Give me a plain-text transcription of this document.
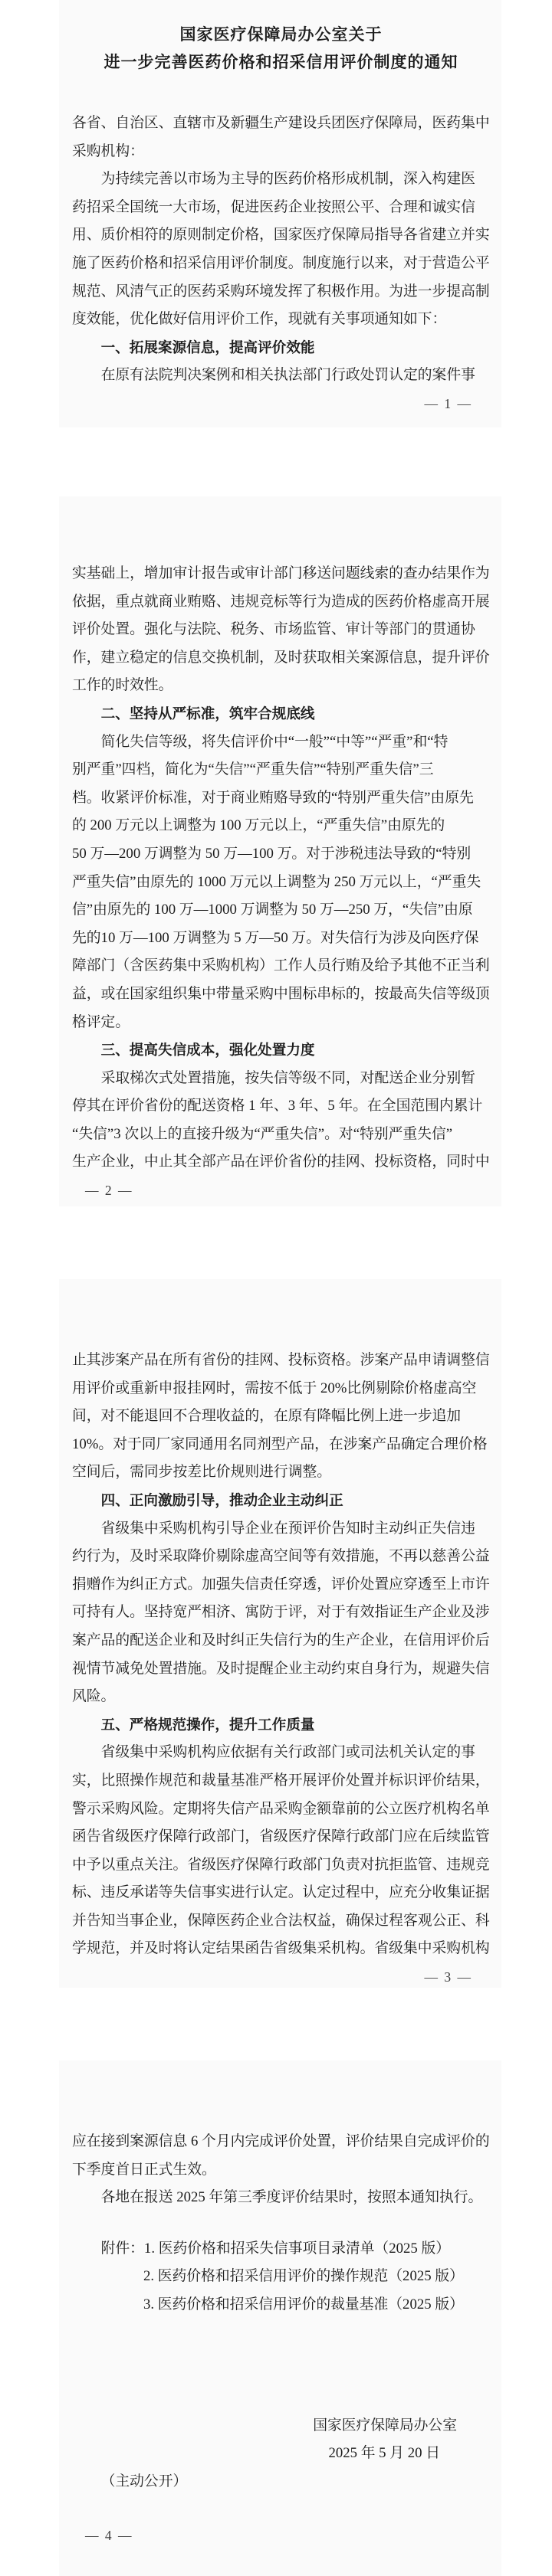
国家医疗保障局办公室关于
进一步完善医药价格和招采信用评价制度的通知
各省、自治区、直辖市及新疆生产建设兵团医疗保障局，医药集中
采购机构：
为持续完善以市场为主导的医药价格形成机制，深入构建医
药招采全国统一大市场，促进医药企业按照公平、合理和诚实信
用、质价相符的原则制定价格，国家医疗保障局指导各省建立并实
施了医药价格和招采信用评价制度。制度施行以来，对于营造公平
规范、风清气正的医药采购环境发挥了积极作用。为进一步提高制
度效能，优化做好信用评价工作，现就有关事项通知如下：
一、拓展案源信息，提高评价效能
在原有法院判决案例和相关执法部门行政处罚认定的案件事
— 1 —
实基础上，增加审计报告或审计部门移送问题线索的查办结果作为
依据，重点就商业贿赂、违规竞标等行为造成的医药价格虚高开展
评价处置。强化与法院、税务、市场监管、审计等部门的贯通协
作，建立稳定的信息交换机制，及时获取相关案源信息，提升评价
工作的时效性。
二、坚持从严标准，筑牢合规底线
简化失信等级，将失信评价中“一般”“中等”“严重”和“特
别严重”四档，简化为“失信”“严重失信”“特别严重失信”三
档。收紧评价标准，对于商业贿赂导致的“特别严重失信”由原先
的 200 万元以上调整为 100 万元以上，“严重失信”由原先的
50 万—200 万调整为 50 万—100 万。对于涉税违法导致的“特别
严重失信”由原先的 1000 万元以上调整为 250 万元以上，“严重失
信”由原先的 100 万—1000 万调整为 50 万—250 万，“失信”由原
先的10 万—100 万调整为 5 万—50 万。对失信行为涉及向医疗保
障部门（含医药集中采购机构）工作人员行贿及给予其他不正当利
益，或在国家组织集中带量采购中围标串标的，按最高失信等级顶
格评定。
三、提高失信成本，强化处置力度
采取梯次式处置措施，按失信等级不同，对配送企业分别暂
停其在评价省份的配送资格 1 年、3 年、5 年。在全国范围内累计
“失信”3 次以上的直接升级为“严重失信”。对“特别严重失信”
生产企业，中止其全部产品在评价省份的挂网、投标资格，同时中
— 2 —
止其涉案产品在所有省份的挂网、投标资格。涉案产品申请调整信
用评价或重新申报挂网时，需按不低于 20%比例剔除价格虚高空
间，对不能退回不合理收益的，在原有降幅比例上进一步追加
10%。对于同厂家同通用名同剂型产品，在涉案产品确定合理价格
空间后，需同步按差比价规则进行调整。
四、正向激励引导，推动企业主动纠正
省级集中采购机构引导企业在预评价告知时主动纠正失信违
约行为，及时采取降价剔除虚高空间等有效措施，不再以慈善公益
捐赠作为纠正方式。加强失信责任穿透，评价处置应穿透至上市许
可持有人。坚持宽严相济、寓防于评，对于有效指证生产企业及涉
案产品的配送企业和及时纠正失信行为的生产企业，在信用评价后
视情节减免处置措施。及时提醒企业主动约束自身行为，规避失信
风险。
五、严格规范操作，提升工作质量
省级集中采购机构应依据有关行政部门或司法机关认定的事
实，比照操作规范和裁量基准严格开展评价处置并标识评价结果，
警示采购风险。定期将失信产品采购金额靠前的公立医疗机构名单
函告省级医疗保障行政部门，省级医疗保障行政部门应在后续监管
中予以重点关注。省级医疗保障行政部门负责对抗拒监管、违规竞
标、违反承诺等失信事实进行认定。认定过程中，应充分收集证据
并告知当事企业，保障医药企业合法权益，确保过程客观公正、科
学规范，并及时将认定结果函告省级集采机构。省级集中采购机构
— 3 —
应在接到案源信息 6 个月内完成评价处置，评价结果自完成评价的
下季度首日正式生效。
各地在报送 2025 年第三季度评价结果时，按照本通知执行。
附件：1. 医药价格和招采失信事项目录清单（2025 版）
2. 医药价格和招采信用评价的操作规范（2025 版）
3. 医药价格和招采信用评价的裁量基准（2025 版）
国家医疗保障局办公室
2025 年 5 月 20 日
（主动公开）
— 4 —
